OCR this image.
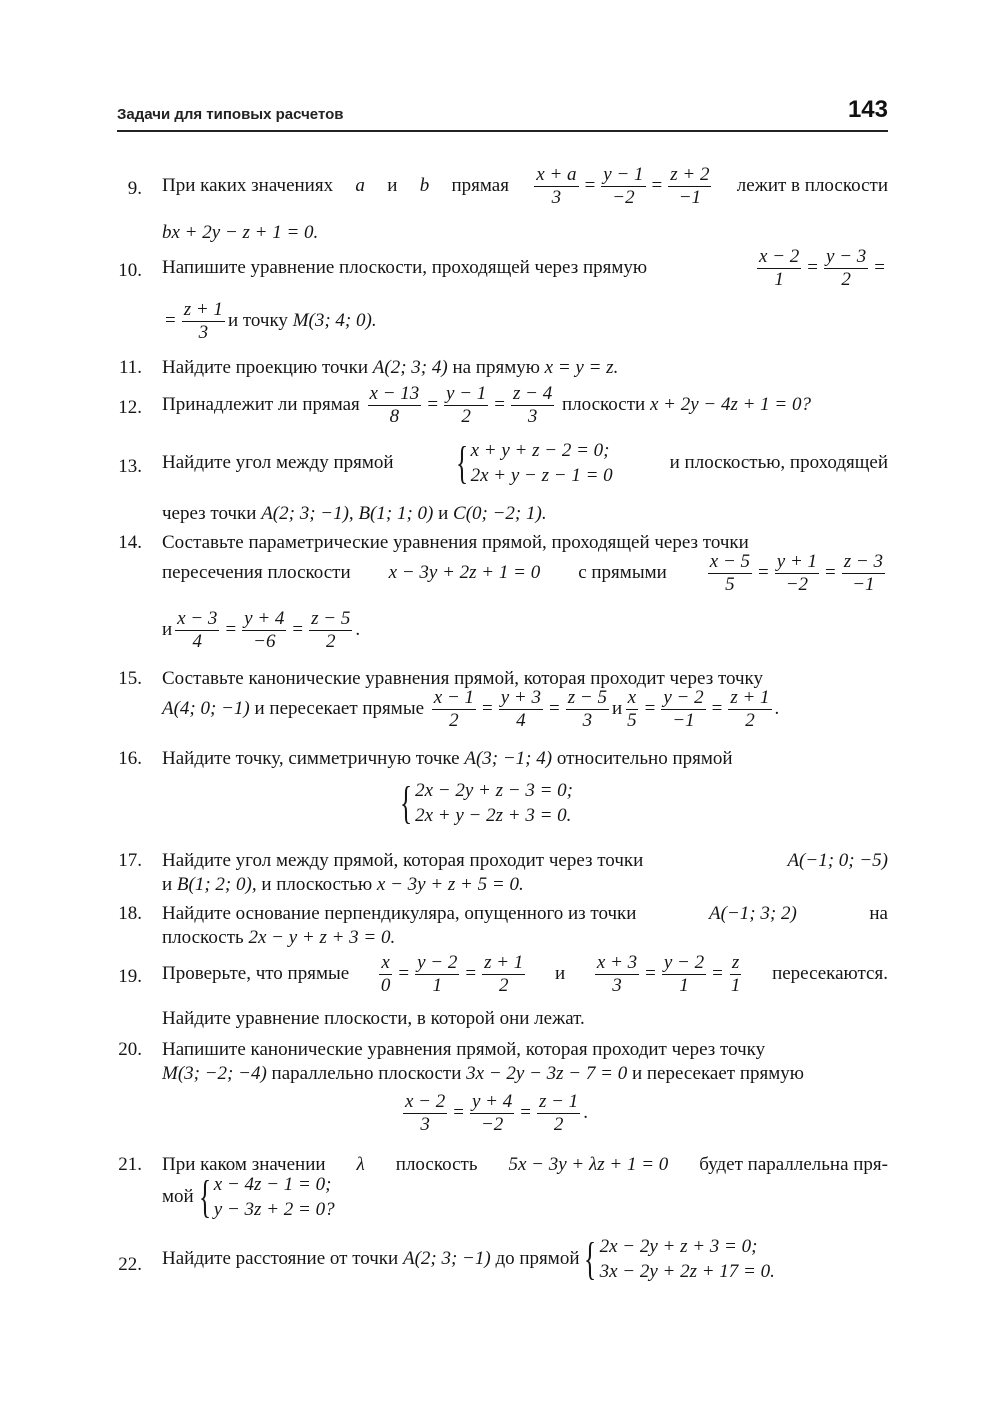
Задачи для типовых расчетов	143
9. При каких значениях a и b прямая $\frac{x + a}{3} = \frac{y - 1}{-2} = \frac{z + 2}{-1}$ лежит в плоскости
bx + 2y − z + 1 = 0.
10. Напишите уравнение плоскости, проходящей через прямую	$\frac{x - 2}{1} = \frac{y - 3}{2}$ =
= $\frac{z + 1}{3}$ и точку
M(3; 4; 0).
11. Найдите проекцию точки A(2; 3; 4) на прямую x = y = z.
12. Принадлежит ли прямая
$\frac{x - 13}{8} = \frac{y - 1}{2} = \frac{z - 4}{3}$
плоскости
x + 2y − 4z + 1 = 0?
13. Найдите угол между прямой { x + y + z − 2 = 0;
2x + y − z − 1 = 0
и плоскостью, проходящей
через точки A(2; 3; −1), B(1; 1; 0) и C(0; −2; 1).
14. Составьте параметрические уравнения прямой, проходящей через точки
пересечения плоскости x − 3y + 2z + 1 = 0 с прямыми $\frac{x - 5}{5} = \frac{y + 1}{-2} = \frac{z - 3}{-1}$
и $\frac{x - 3}{4} = \frac{y + 4}{-6} = \frac{z - 5}{2}$ .
15. Составьте канонические уравнения прямой, которая проходит через точку
A(4; 0; −1)
и пересекает прямые
$\frac{x - 1}{2} = \frac{y + 3}{4} = \frac{z - 5}{3}$ и $\frac{x}{5} = \frac{y - 2}{-1} = \frac{z + 1}{2}$ .
16. Найдите точку, симметричную точке A(3; −1; 4) относительно прямой
{ 2x − 2y + z − 3 = 0;
2x + y − 2z + 3 = 0.
17. Найдите угол между прямой, которая проходит через точки	A(−1; 0; −5)
и B(1; 2; 0), и плоскостью x − 3y + z + 5 = 0.
18. Найдите основание перпендикуляра, опущенного из точки	A(−1; 3; 2)	на
плоскость 2x − y + z + 3 = 0.
19. Проверьте, что прямые $\frac{x}{0} = \frac{y - 2}{1} = \frac{z + 1}{2}$ и $\frac{x + 3}{3} = \frac{y - 2}{1} = \frac{z}{1}$ пересекаются.
Найдите уравнение плоскости, в которой они лежат.
20. Напишите канонические уравнения прямой, которая проходит через точку
M(3; −2; −4) параллельно плоскости 3x − 2y − 3z − 7 = 0 и пересекает прямую
$\frac{x - 2}{3} = \frac{y + 4}{-2} = \frac{z - 1}{2}$ .
21. При каком значении λ плоскость 5x − 3y + λz + 1 = 0 будет параллельна пря-
мой { x − 4z − 1 = 0;
y − 3z + 2 = 0?
22. Найдите расстояние от точки
A(2; 3; −1)
до прямой { 2x − 2y + z + 3 = 0;
3x − 2y + 2z + 17 = 0.
